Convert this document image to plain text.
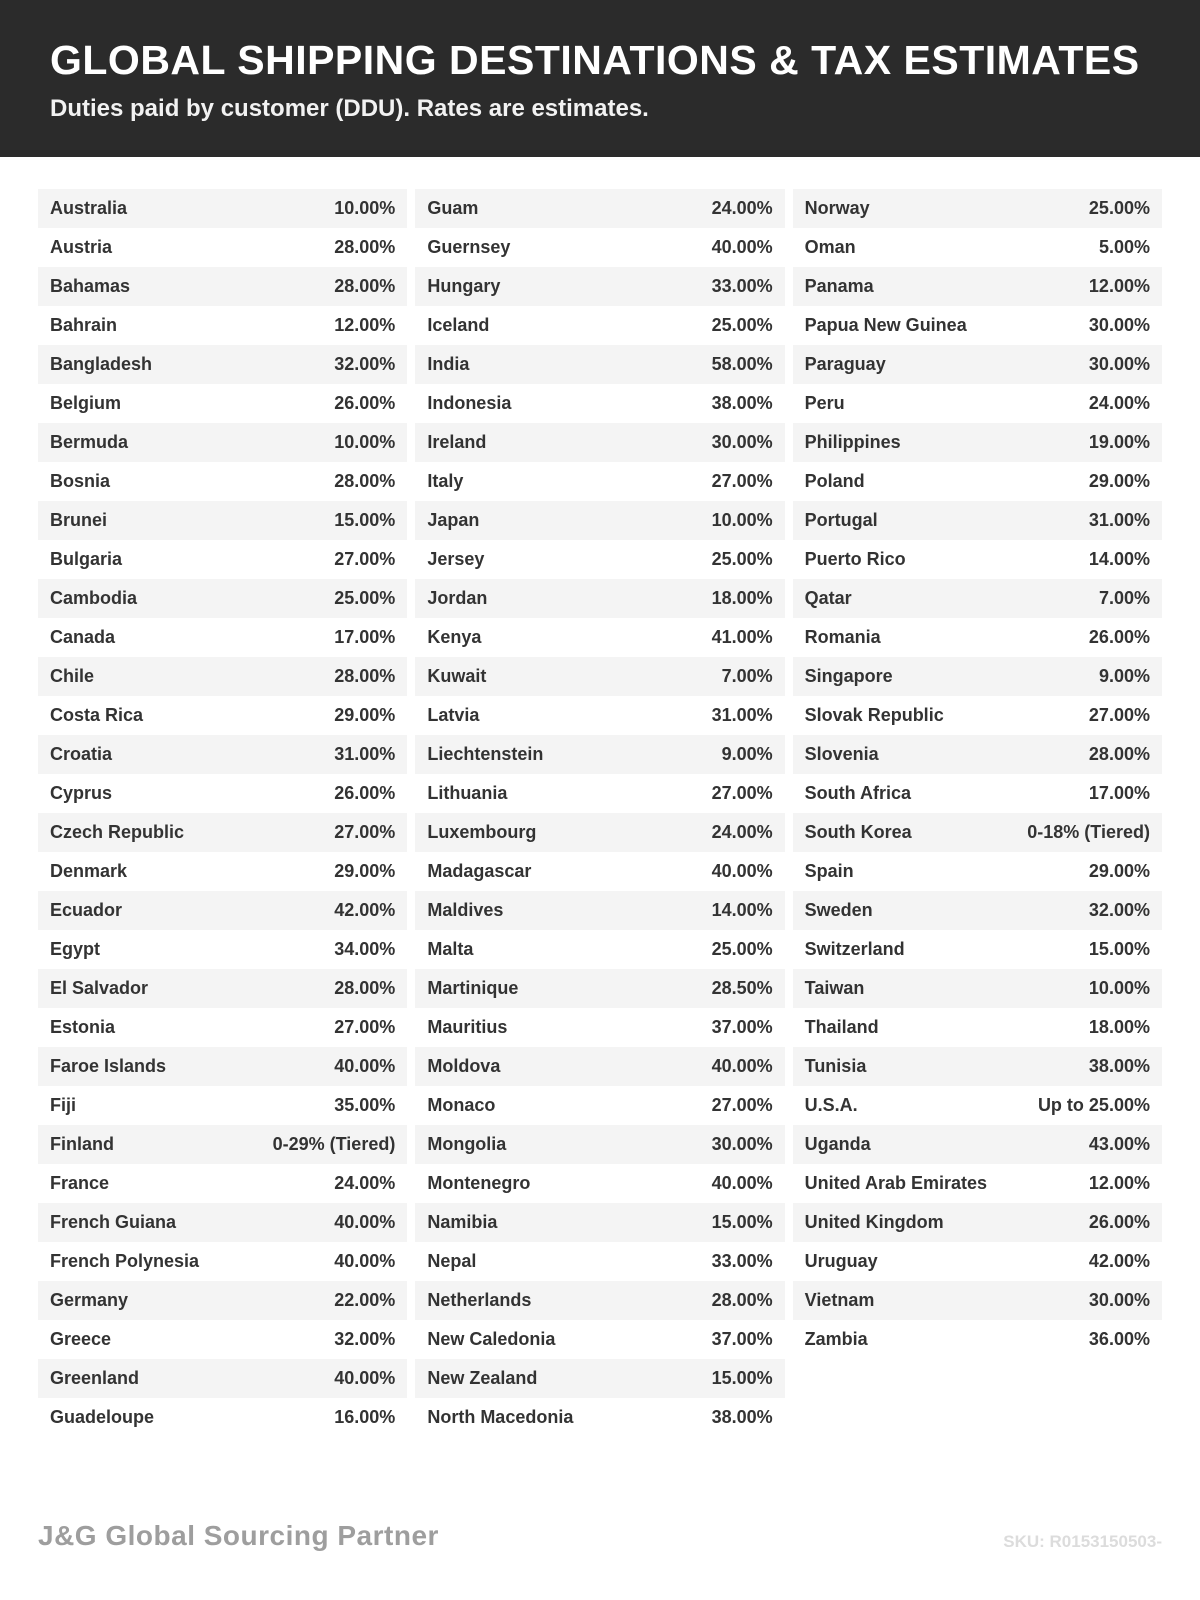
GLOBAL SHIPPING DESTINATIONS & TAX ESTIMATES

Duties paid by customer (DDU). Rates are estimates.

Australia	10.00%
Austria	28.00%
Bahamas	28.00%
Bahrain	12.00%
Bangladesh	32.00%
Belgium	26.00%
Bermuda	10.00%
Bosnia	28.00%
Brunei	15.00%
Bulgaria	27.00%
Cambodia	25.00%
Canada	17.00%
Chile	28.00%
Costa Rica	29.00%
Croatia	31.00%
Cyprus	26.00%
Czech Republic	27.00%
Denmark	29.00%
Ecuador	42.00%
Egypt	34.00%
El Salvador	28.00%
Estonia	27.00%
Faroe Islands	40.00%
Fiji	35.00%
Finland	0-29% (Tiered)
France	24.00%
French Guiana	40.00%
French Polynesia	40.00%
Germany	22.00%
Greece	32.00%
Greenland	40.00%
Guadeloupe	16.00%
Guam	24.00%
Guernsey	40.00%
Hungary	33.00%
Iceland	25.00%
India	58.00%
Indonesia	38.00%
Ireland	30.00%
Italy	27.00%
Japan	10.00%
Jersey	25.00%
Jordan	18.00%
Kenya	41.00%
Kuwait	7.00%
Latvia	31.00%
Liechtenstein	9.00%
Lithuania	27.00%
Luxembourg	24.00%
Madagascar	40.00%
Maldives	14.00%
Malta	25.00%
Martinique	28.50%
Mauritius	37.00%
Moldova	40.00%
Monaco	27.00%
Mongolia	30.00%
Montenegro	40.00%
Namibia	15.00%
Nepal	33.00%
Netherlands	28.00%
New Caledonia	37.00%
New Zealand	15.00%
North Macedonia	38.00%
Norway	25.00%
Oman	5.00%
Panama	12.00%
Papua New Guinea	30.00%
Paraguay	30.00%
Peru	24.00%
Philippines	19.00%
Poland	29.00%
Portugal	31.00%
Puerto Rico	14.00%
Qatar	7.00%
Romania	26.00%
Singapore	9.00%
Slovak Republic	27.00%
Slovenia	28.00%
South Africa	17.00%
South Korea	0-18% (Tiered)
Spain	29.00%
Sweden	32.00%
Switzerland	15.00%
Taiwan	10.00%
Thailand	18.00%
Tunisia	38.00%
U.S.A.	Up to 25.00%
Uganda	43.00%
United Arab Emirates	12.00%
United Kingdom	26.00%
Uruguay	42.00%
Vietnam	30.00%
Zambia	36.00%
J&G Global Sourcing Partner	SKU: R0153150503-
